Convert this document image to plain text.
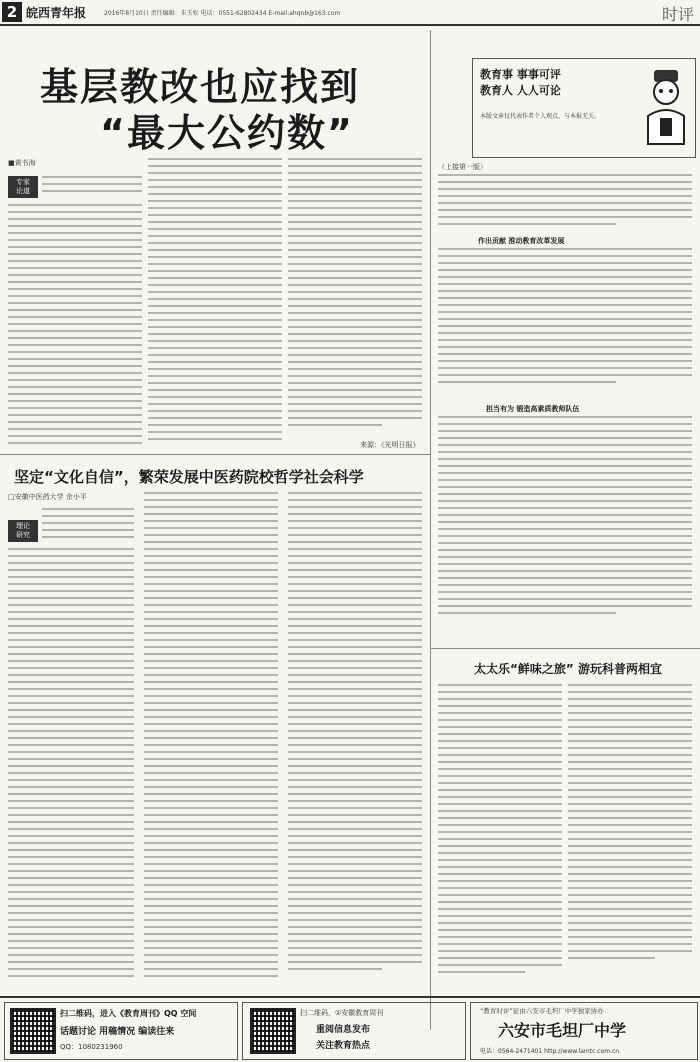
2 皖西青年报	2016年8月10日 责任编辑：朱玉松 电话：0551-62802434 E-mail:ahqnb@163.com	时评
基层教改也应找到
“最大公约数”
■黄书海
专家
论道
来源：《光明日报》
教育事 事事可评
教育人 人人可论
本版文章仅代表作者个人观点，与本报无关。
（上接第一版）
作出贡献 推动教育改革发展
担当有为 锻造高素质教师队伍
坚定“文化自信”，繁荣发展中医药院校哲学社会科学
□安徽中医药大学 余小平
理论
研究
太太乐“鲜味之旅” 游玩科普两相宜
扫二维码，进入《教育周刊》QQ 空间
话题讨论 用稿情况 编读往来
QQ：1080231960
扫二维码，①安徽教育周刊
重阅信息发布
关注教育热点
“教育时评”征由六安市毛坦厂中学独家协办
六安市毛坦厂中学
电话：0564-2471401 http://www.lamtc.com.cn
